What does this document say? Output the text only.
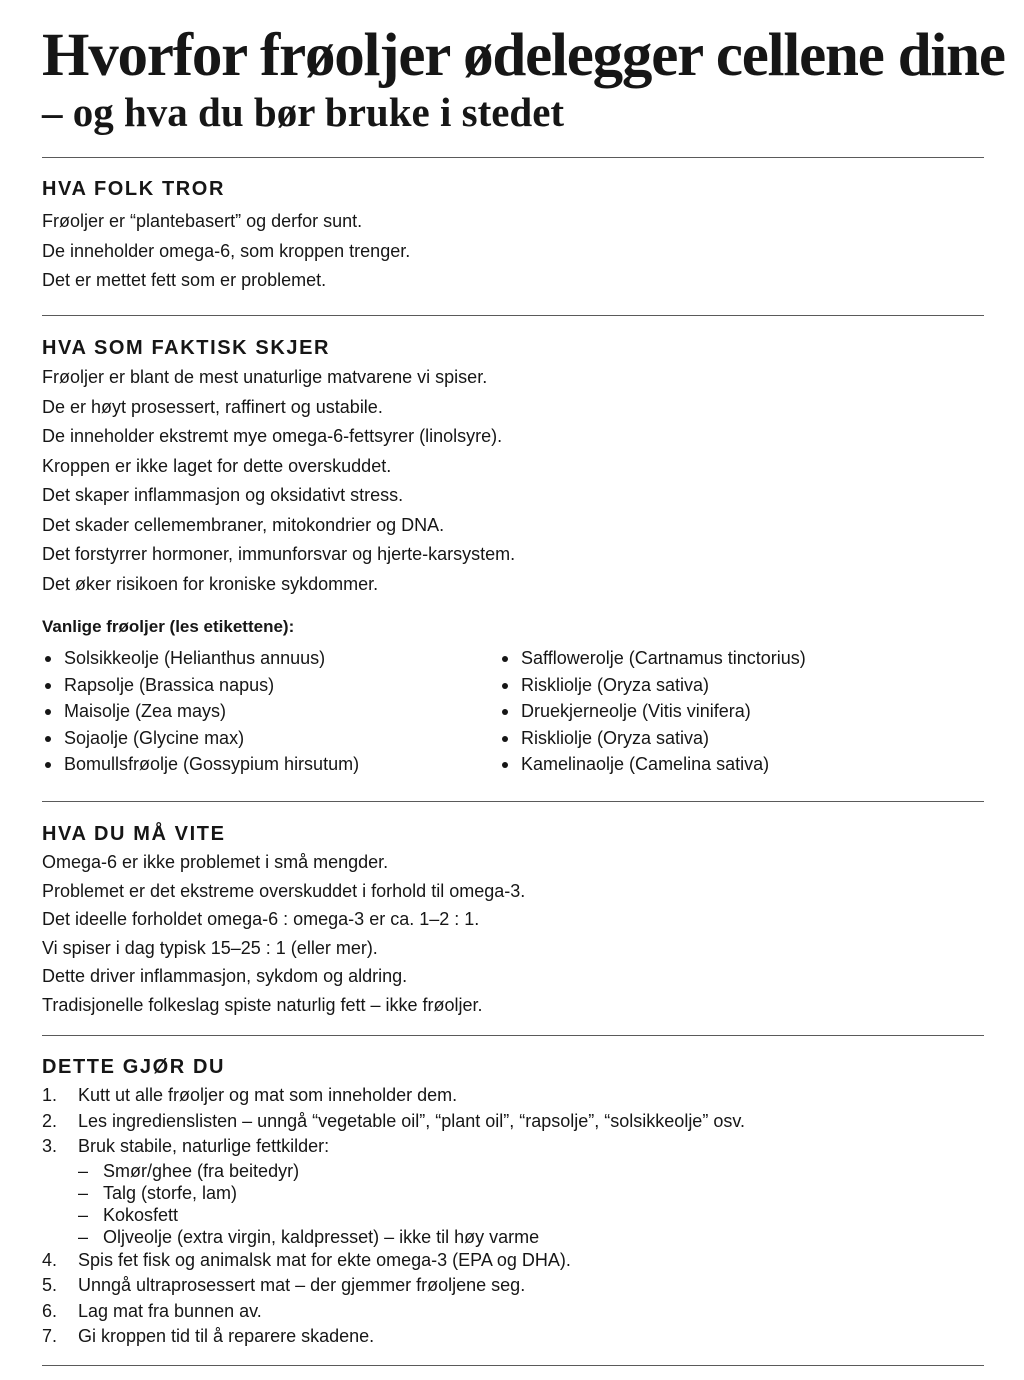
Hvorfor frøoljer ødelegger cellene dine
– og hva du bør bruke i stedet
HVA FOLK TROR
Frøoljer er “plantebasert” og derfor sunt.
De inneholder omega-6, som kroppen trenger.
Det er mettet fett som er problemet.
HVA SOM FAKTISK SKJER
Frøoljer er blant de mest unaturlige matvarene vi spiser.
De er høyt prosessert, raffinert og ustabile.
De inneholder ekstremt mye omega-6-fettsyrer (linolsyre).
Kroppen er ikke laget for dette overskuddet.
Det skaper inflammasjon og oksidativt stress.
Det skader cellemembraner, mitokondrier og DNA.
Det forstyrrer hormoner, immunforsvar og hjerte-karsystem.
Det øker risikoen for kroniske sykdommer.

Vanlige frøoljer (les etikettene):

Solsikkeolje (Helianthus annuus)
Rapsolje (Brassica napus)
Maisolje (Zea mays)
Sojaolje (Glycine max)
Bomullsfrøolje (Gossypium hirsutum)
Safflowerolje (Cartnamus tinctorius)
Riskliolje (Oryza sativa)
Druekjerneolje (Vitis vinifera)
Riskliolje (Oryza sativa)
Kamelinaolje (Camelina sativa)
HVA DU MÅ VITE
Omega-6 er ikke problemet i små mengder.
Problemet er det ekstreme overskuddet i forhold til omega-3.
Det ideelle forholdet omega-6 : omega-3 er ca. 1–2 : 1.
Vi spiser i dag typisk 15–25 : 1 (eller mer).
Dette driver inflammasjon, sykdom og aldring.
Tradisjonelle folkeslag spiste naturlig fett – ikke frøoljer.
DETTE GJØR DU
1. Kutt ut alle frøoljer og mat som inneholder dem.
2. Les ingredienslisten – unngå “vegetable oil”, “plant oil”, “rapsolje”, “solsikkeolje” osv.
3. Bruk stabile, naturlige fettkilder:
– Smør/ghee (fra beitedyr)
– Talg (storfe, lam)
– Kokosfett
– Oljveolje (extra virgin, kaldpresset) – ikke til høy varme
4. Spis fet fisk og animalsk mat for ekte omega-3 (EPA og DHA).
5. Unngå ultraprosessert mat – der gjemmer frøoljene seg.
6. Lag mat fra bunnen av.
7. Gi kroppen tid til å reparere skadene.
